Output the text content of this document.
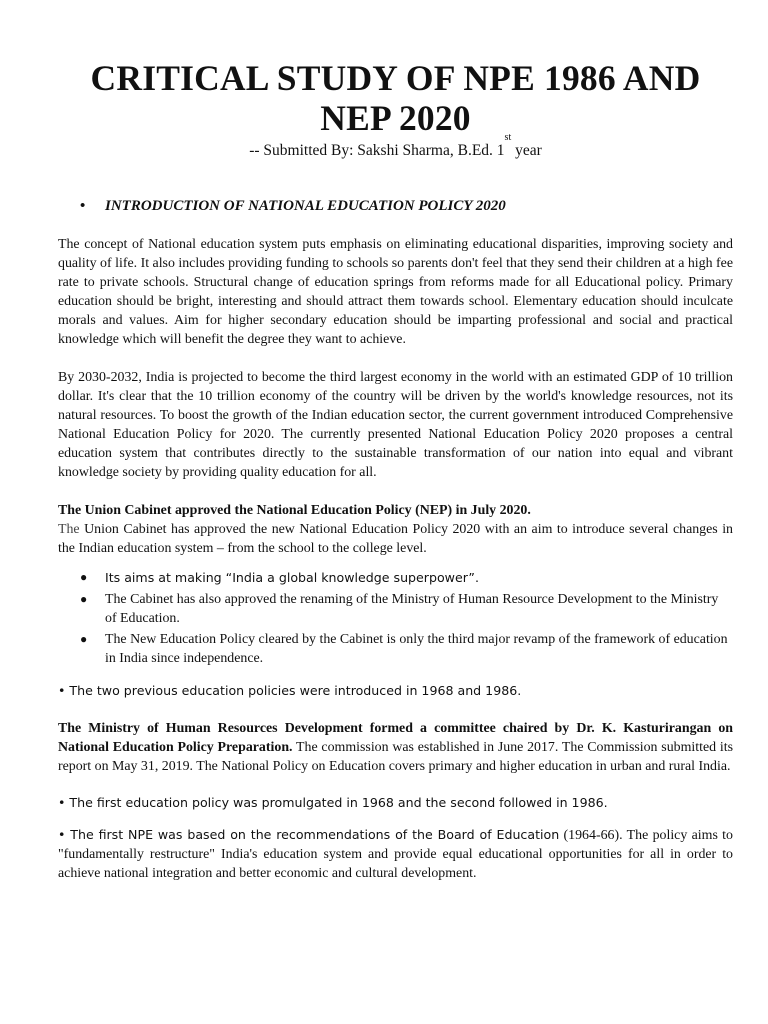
CRITICAL STUDY OF NPE 1986 AND NEP 2020
-- Submitted By: Sakshi Sharma, B.Ed. 1st year
• INTRODUCTION OF NATIONAL EDUCATION POLICY 2020

The concept of National education system puts emphasis on eliminating educational disparities, improving society and quality of life. It also includes providing funding to schools so parents don't feel that they send their children at a high fee rate to private schools. Structural change of education springs from reforms made for all Educational policy. Primary education should be bright, interesting and should attract them towards school. Elementary education should inculcate morals and values. Aim for higher secondary education should be imparting professional and social and practical knowledge which will benefit the degree they want to achieve.

By 2030-2032, India is projected to become the third largest economy in the world with an estimated GDP of 10 trillion dollar. It's clear that the 10 trillion economy of the country will be driven by the world's knowledge resources, not its natural resources. To boost the growth of the Indian education sector, the current government introduced Comprehensive National Education Policy for 2020. The currently presented National Education Policy 2020 proposes a central education system that contributes directly to the sustainable transformation of our nation into equal and vibrant knowledge society by providing quality education for all.

The Union Cabinet approved the National Education Policy (NEP) in July 2020.

The Union Cabinet has approved the new National Education Policy 2020 with an aim to introduce several changes in the Indian education system – from the school to the college level.

● Its aims at making “India a global knowledge superpower”.
● The Cabinet has also approved the renaming of the Ministry of Human Resource Development to the Ministry of Education.
● The New Education Policy cleared by the Cabinet is only the third major revamp of the framework of education in India since independence.
• The two previous education policies were introduced in 1968 and 1986.

The Ministry of Human Resources Development formed a committee chaired by Dr. K. Kasturirangan on National Education Policy Preparation. The commission was established in June 2017. The Commission submitted its report on May 31, 2019. The National Policy on Education covers primary and higher education in urban and rural India.

• The first education policy was promulgated in 1968 and the second followed in 1986.

• The first NPE was based on the recommendations of the Board of Education (1964-66). The policy aims to "fundamentally restructure" India's education system and provide equal educational opportunities for all in order to achieve national integration and better economic and cultural development.
